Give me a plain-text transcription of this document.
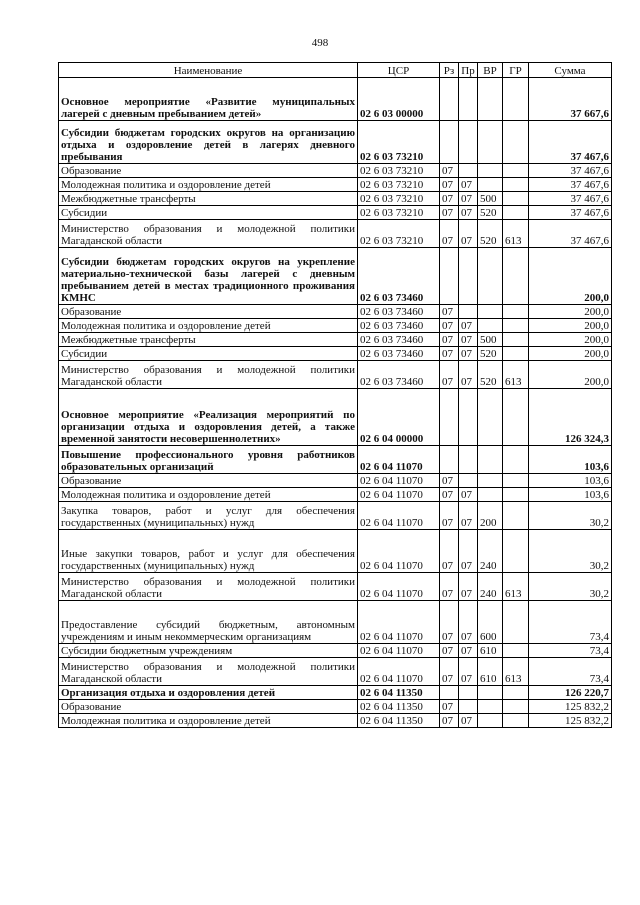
498
Наименование	ЦСР	Рз	Пр	ВР	ГР	Сумма
Основное мероприятие «Развитие муниципальных лагерей с дневным пребыванием детей»	02 6 03 00000					37 667,6
Субсидии бюджетам городских округов на организацию отдыха и оздоровление детей в лагерях дневного пребывания	02 6 03 73210					37 467,6
Образование	02 6 03 73210	07				37 467,6
Молодежная политика и оздоровление детей	02 6 03 73210	07	07			37 467,6
Межбюджетные трансферты	02 6 03 73210	07	07	500		37 467,6
Субсидии	02 6 03 73210	07	07	520		37 467,6
Министерство образования и молодежной политики Магаданской области	02 6 03 73210	07	07	520	613	37 467,6
Субсидии бюджетам городских округов на укрепление материально-технической базы лагерей с дневным пребыванием детей в местах традиционного проживания КМНС	02 6 03 73460					200,0
Образование	02 6 03 73460	07				200,0
Молодежная политика и оздоровление детей	02 6 03 73460	07	07			200,0
Межбюджетные трансферты	02 6 03 73460	07	07	500		200,0
Субсидии	02 6 03 73460	07	07	520		200,0
Министерство образования и молодежной политики Магаданской области	02 6 03 73460	07	07	520	613	200,0
Основное мероприятие «Реализация мероприятий по организации отдыха и оздоровления детей, а также временной занятости несовершеннолетних»	02 6 04 00000					126 324,3
Повышение профессионального уровня работников образовательных организаций	02 6 04 11070					103,6
Образование	02 6 04 11070	07				103,6
Молодежная политика и оздоровление детей	02 6 04 11070	07	07			103,6
Закупка товаров, работ и услуг для обеспечения государственных (муниципальных) нужд	02 6 04 11070	07	07	200		30,2
Иные закупки товаров, работ и услуг для обеспечения государственных (муниципальных) нужд	02 6 04 11070	07	07	240		30,2
Министерство образования и молодежной политики Магаданской области	02 6 04 11070	07	07	240	613	30,2
Предоставление субсидий бюджетным, автономным учреждениям и иным некоммерческим организациям	02 6 04 11070	07	07	600		73,4
Субсидии бюджетным учреждениям	02 6 04 11070	07	07	610		73,4
Министерство образования и молодежной политики Магаданской области	02 6 04 11070	07	07	610	613	73,4
Организация отдыха и оздоровления детей	02 6 04 11350					126 220,7
Образование	02 6 04 11350	07				125 832,2
Молодежная политика и оздоровление детей	02 6 04 11350	07	07			125 832,2
